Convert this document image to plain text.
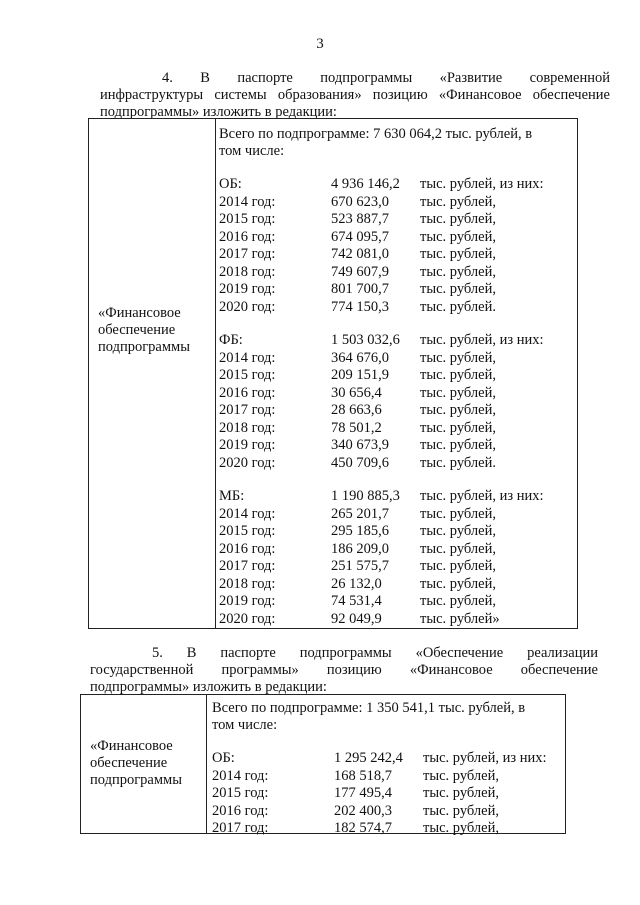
3
4. В паспорте подпрограммы «Развитие современной
инфраструктуры системы образования» позицию «Финансовое обеспечение
подпрограммы» изложить в редакции:
«Финансовое обеспечение подпрограммы
Всего по подпрограмме: 7 630 064,2 тыс. рублей, в
том числе:
ОБ:	4 936 146,2 тыс. рублей, из них:
2014 год:	670 623,0 тыс. рублей,
2015 год:	523 887,7 тыс. рублей,
2016 год:	674 095,7 тыс. рублей,
2017 год:	742 081,0 тыс. рублей,
2018 год:	749 607,9 тыс. рублей,
2019 год:	801 700,7 тыс. рублей,
2020 год:	774 150,3 тыс. рублей.
ФБ:	1 503 032,6 тыс. рублей, из них:
2014 год:	364 676,0 тыс. рублей,
2015 год:	209 151,9 тыс. рублей,
2016 год:	30 656,4	тыс. рублей,
2017 год:	28 663,6	тыс. рублей,
2018 год:	78 501,2	тыс. рублей,
2019 год:	340 673,9 тыс. рублей,
2020 год:	450 709,6 тыс. рублей.
МБ:	1 190 885,3 тыс. рублей, из них:
2014 год:	265 201,7 тыс. рублей,
2015 год:	295 185,6 тыс. рублей,
2016 год:	186 209,0 тыс. рублей,
2017 год:	251 575,7 тыс. рублей,
2018 год:	26 132,0	тыс. рублей,
2019 год:	74 531,4	тыс. рублей,
2020 год:	92 049,9	тыс. рублей»
5. В паспорте подпрограммы «Обеспечение реализации
государственной программы» позицию «Финансовое обеспечение
подпрограммы» изложить в редакции:
«Финансовое обеспечение подпрограммы
Всего по подпрограмме: 1 350 541,1 тыс. рублей, в
том числе:
ОБ:	1 295 242,4 тыс. рублей, из них:
2014 год:	168 518,7 тыс. рублей,
2015 год:	177 495,4 тыс. рублей,
2016 год:	202 400,3 тыс. рублей,
2017 год:	182 574,7 тыс. рублей,
